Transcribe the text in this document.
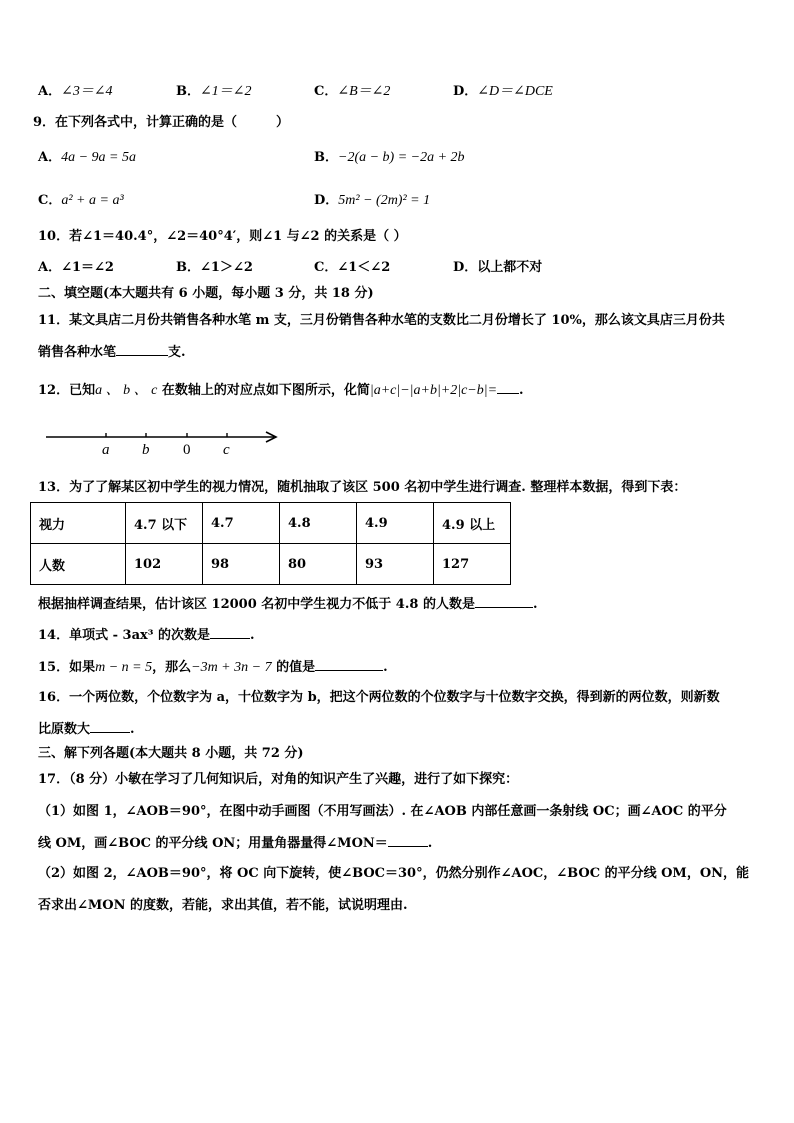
A．∠3＝∠4	B．∠1＝∠2	C．∠B＝∠2	D．∠D＝∠DCE
9．在下列各式中，计算正确的是（　　　）
A．4a − 9a = 5a	B．−2(a − b) = −2a + 2b
C．a² + a = a³	D．5m² − (2m)² = 1
10．若∠1＝40.4°，∠2＝40°4′，则∠1 与∠2 的关系是（ ）
A．∠1＝∠2	B．∠1＞∠2	C．∠1＜∠2	D．以上都不对
二、填空题(本大题共有 6 小题，每小题 3 分，共 18 分)
11．某文具店二月份共销售各种水笔 m 支，三月份销售各种水笔的支数比二月份增长了 10%，那么该文具店三月份共
销售各种水笔	支.
12．已知a 、 b 、 c 在数轴上的对应点如下图所示，化简|a+c|−|a+b|+2|c−b|= .
a b 0 c
13．为了了解某区初中学生的视力情况，随机抽取了该区 500 名初中学生进行调查. 整理样本数据，得到下表：
视力	4.7 以下	4.7	4.8	4.9	4.9 以上
人数	102	98	80	93	127
根据抽样调查结果，估计该区 12000 名初中学生视力不低于 4.8 的人数是	.
14．单项式 - 3ax³ 的次数是	.
15．如果m − n = 5，那么−3m + 3n − 7 的值是	.
16．一个两位数，个位数字为 a，十位数字为 b，把这个两位数的个位数字与十位数字交换，得到新的两位数，则新数
比原数大	.
三、解下列各题(本大题共 8 小题，共 72 分)
17．（8 分）小敏在学习了几何知识后，对角的知识产生了兴趣，进行了如下探究：
（1）如图 1，∠AOB＝90°，在图中动手画图（不用写画法）. 在∠AOB 内部任意画一条射线 OC；画∠AOC 的平分
线 OM，画∠BOC 的平分线 ON；用量角器量得∠MON＝	.
（2）如图 2，∠AOB＝90°，将 OC 向下旋转，使∠BOC＝30°，仍然分别作∠AOC，∠BOC 的平分线 OM，ON，能
否求出∠MON 的度数，若能，求出其值，若不能，试说明理由.
